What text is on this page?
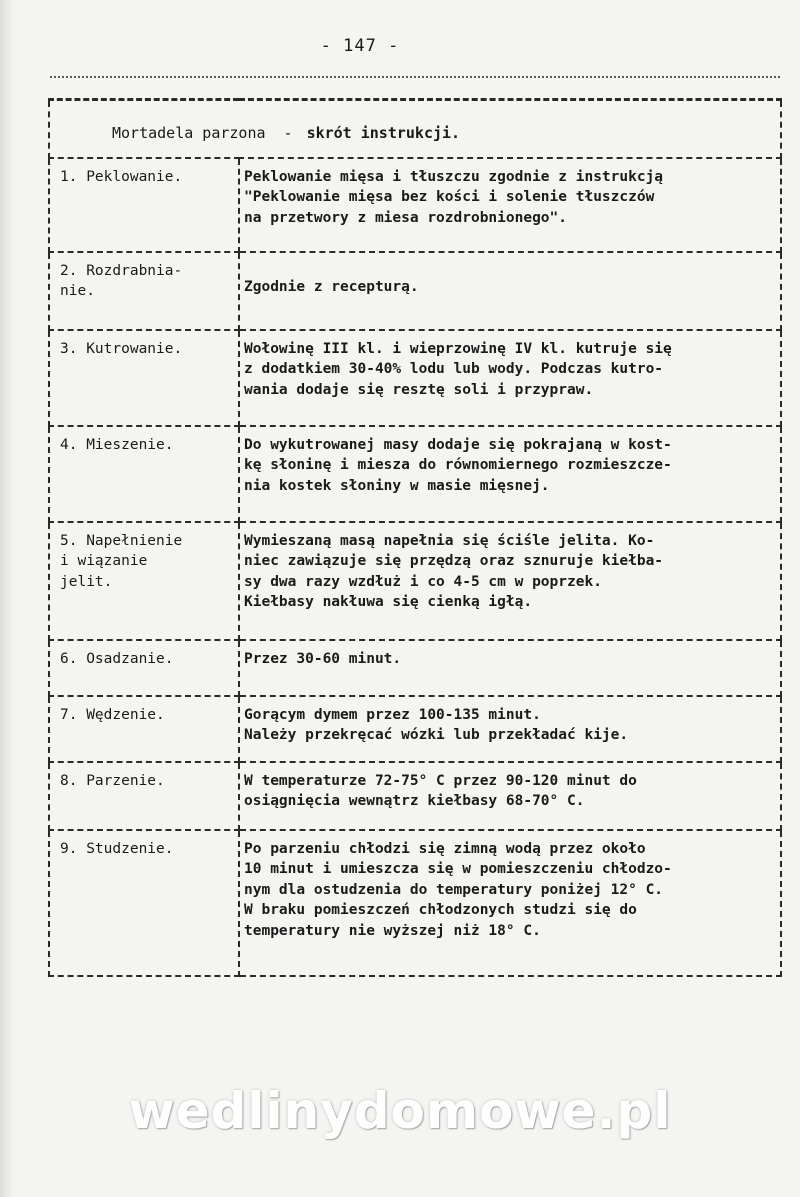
- 147 -
Mortadela parzona - skrót instrukcji.	

1. Peklowanie.	Peklowanie mięsa i tłuszczu zgodnie z instrukcją
"Peklowanie mięsa bez kości i solenie tłuszczów
na przetwory z miesa rozdrobnionego".

2. Rozdrabnia-
nie.	Zgodnie z recepturą.

3. Kutrowanie.	Wołowinę III kl. i wieprzowinę IV kl. kutruje się
z dodatkiem 30-40% lodu lub wody. Podczas kutro-
wania dodaje się resztę soli i przypraw.

4. Mieszenie.	Do wykutrowanej masy dodaje się pokrajaną w kost-
kę słoninę i miesza do równomiernego rozmieszcze-
nia kostek słoniny w masie mięsnej.

5. Napełnienie
i wiązanie
jelit.	Wymieszaną masą napełnia się ściśle jelita. Ko-
niec zawiązuje się przędzą oraz sznuruje kiełba-
sy dwa razy wzdłuż i co 4-5 cm w poprzek.
Kiełbasy nakłuwa się cienką igłą.

6. Osadzanie.	Przez 30-60 minut.

7. Wędzenie.	Gorącym dymem przez 100-135 minut.
Należy przekręcać wózki lub przekładać kije.

8. Parzenie.	W temperaturze 72-75° C przez 90-120 minut do
osiągnięcia wewnątrz kiełbasy 68-70° C.

9. Studzenie.	Po parzeniu chłodzi się zimną wodą przez około
10 minut i umieszcza się w pomieszczeniu chłodzo-
nym dla ostudzenia do temperatury poniżej 12° C.
W braku pomieszczeń chłodzonych studzi się do
temperatury nie wyższej niż 18° C.
wedlinydomowe.pl
